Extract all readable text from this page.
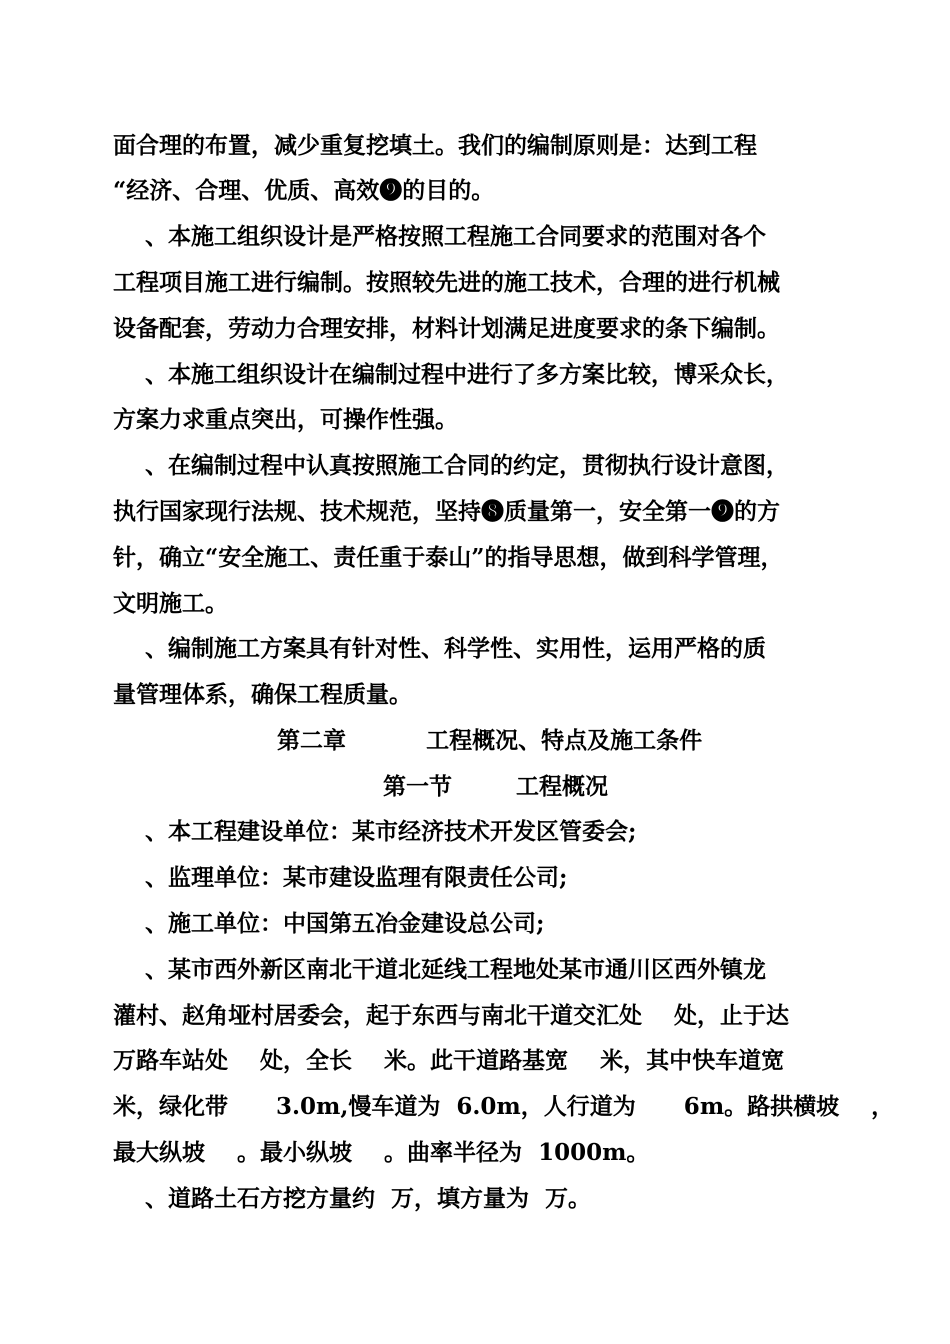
面合理的布置，减少重复挖填土。我们的编制原则是：达到工程
“经济、合理、优质、高效❾的目的。
、本施工组织设计是严格按照工程施工合同要求的范围对各个
工程项目施工进行编制。按照较先进的施工技术，合理的进行机械
设备配套，劳动力合理安排，材料计划满足进度要求的条下编制。
、本施工组织设计在编制过程中进行了多方案比较，博采众长，
方案力求重点突出，可操作性强。
、在编制过程中认真按照施工合同的约定，贯彻执行设计意图，
执行国家现行法规、技术规范，坚持❽质量第一，安全第一❾的方
针，确立“安全施工、责任重于泰山”的指导思想，做到科学管理，
文明施工。
、编制施工方案具有针对性、科学性、实用性，运用严格的质
量管理体系，确保工程质量。
第二章          工程概况、特点及施工条件
第一节        工程概况
、本工程建设单位：某市经济技术开发区管委会;
、监理单位：某市建设监理有限责任公司;
、施工单位：中国第五冶金建设总公司;
、某市西外新区南北干道北延线工程地处某市通川区西外镇龙
灌村、赵角垭村居委会，起于东西与南北干道交汇处    处，止于达
万路车站处    处，全长    米。此干道路基宽    米，其中快车道宽
米，绿化带      3.0m,慢车道为  6.0m，人行道为      6m。路拱横坡    ，
最大纵坡    。最小纵坡    。曲率半径为  1000m。
、道路土石方挖方量约  万，填方量为  万。
